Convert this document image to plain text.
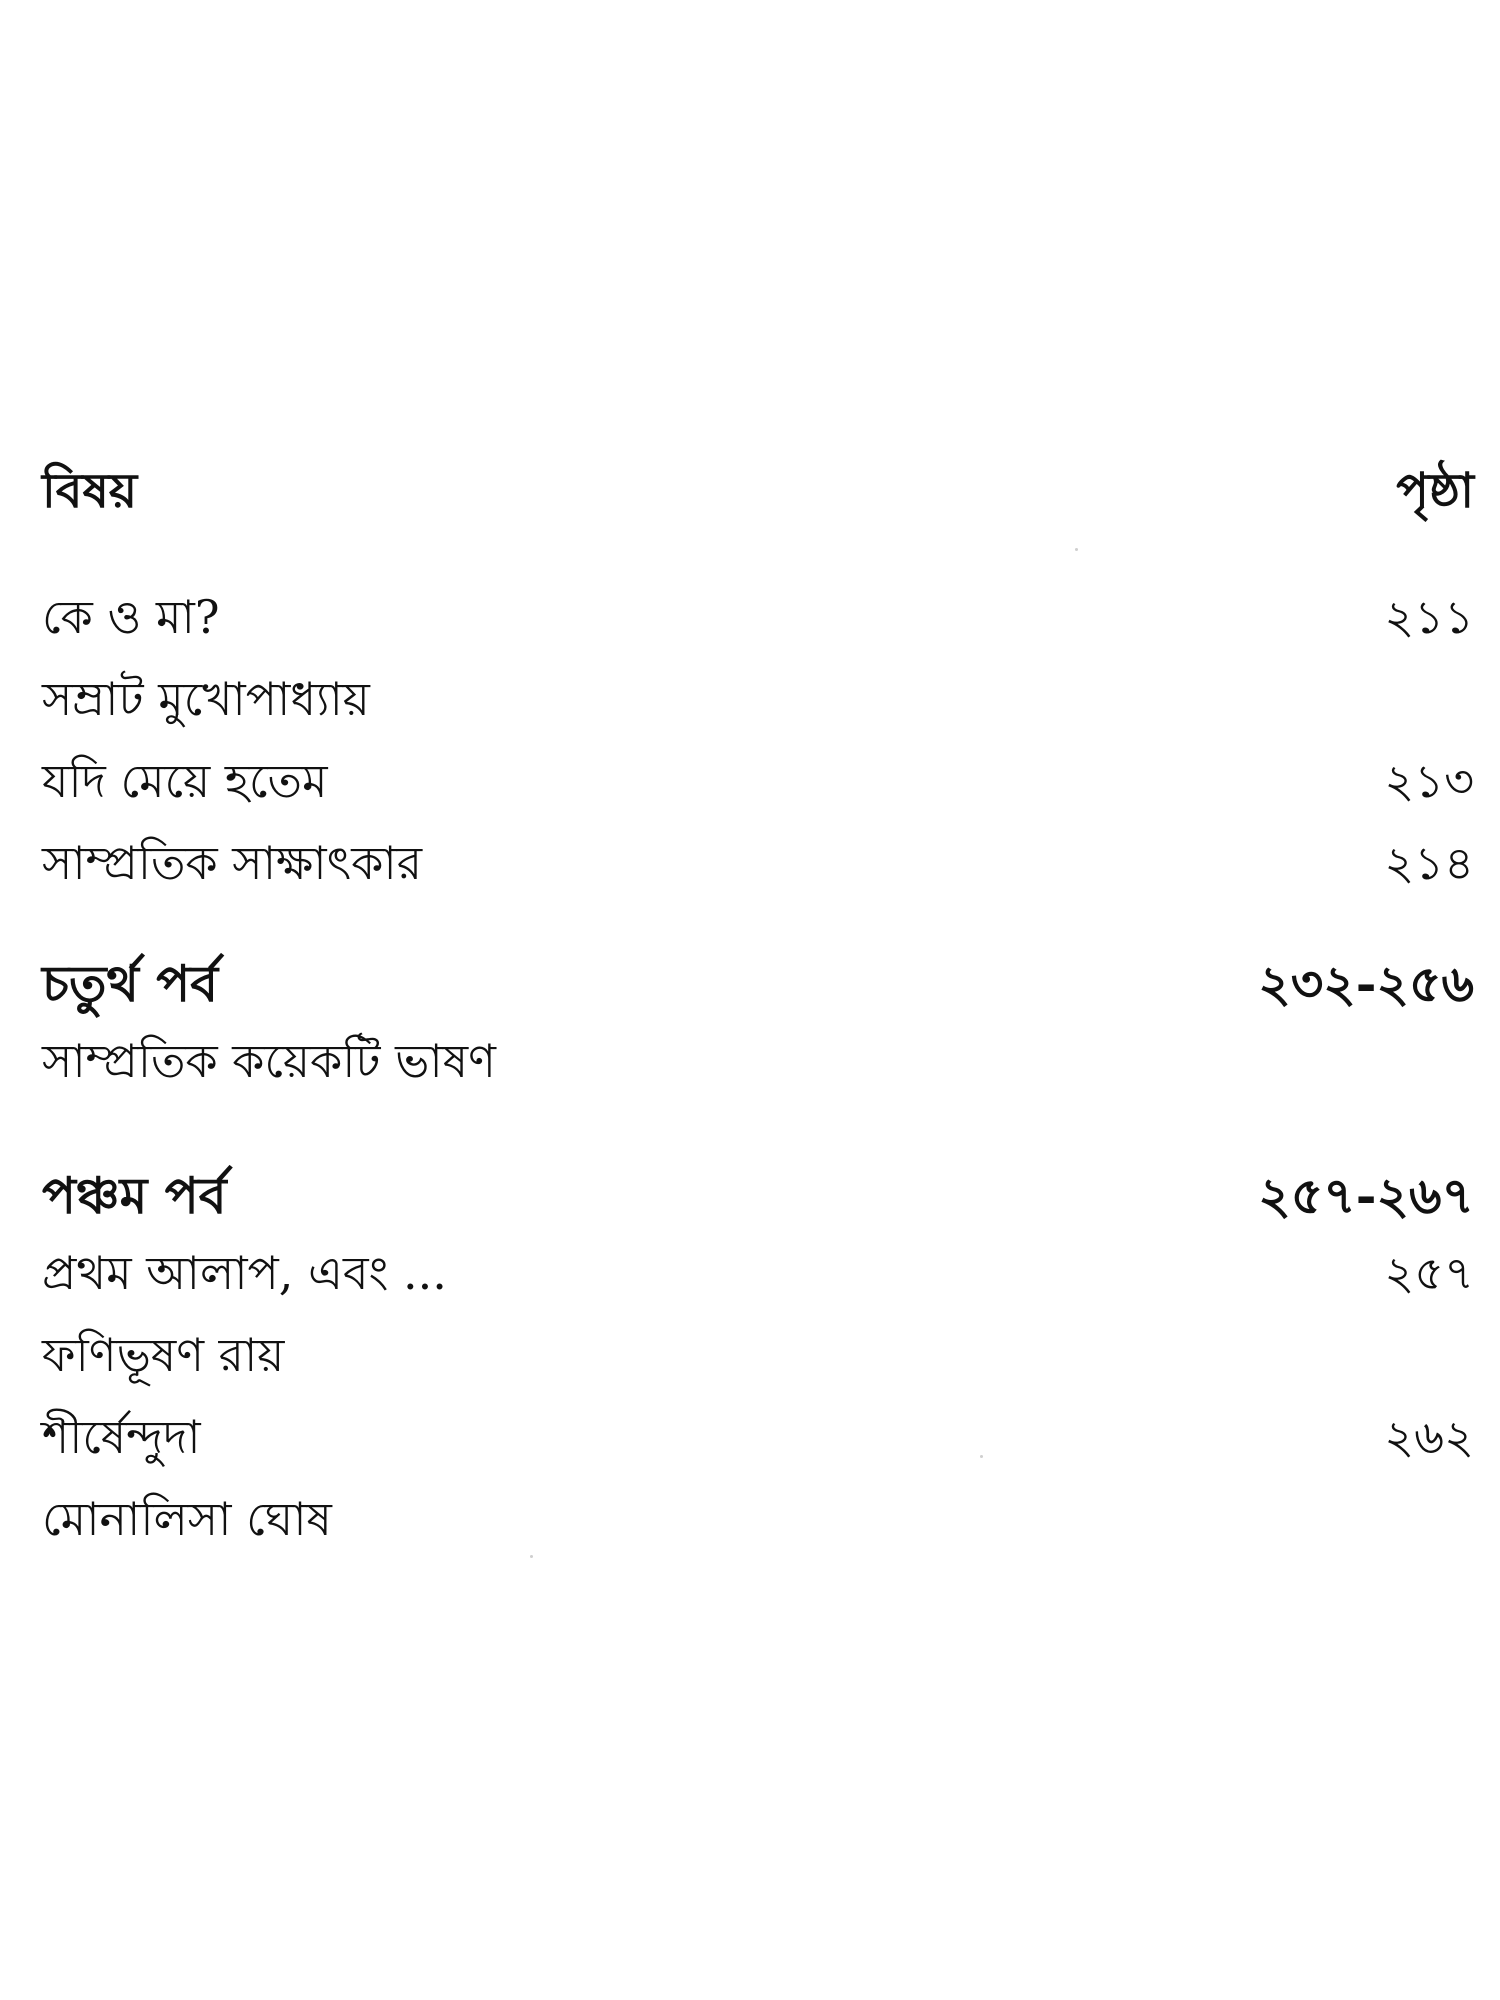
বিষয়	পৃষ্ঠা
কে ও মা?	২১১
সম্রাট মুখোপাধ্যায়
যদি মেয়ে হতেম	২১৩
সাম্প্রতিক সাক্ষাৎকার	২১৪
চতুর্থ পর্ব	২৩২-২৫৬
সাম্প্রতিক কয়েকটি ভাষণ
পঞ্চম পর্ব	২৫৭-২৬৭
প্রথম আলাপ, এবং ...	২৫৭
ফণিভূষণ রায়
শীর্ষেন্দুদা	২৬২
মোনালিসা ঘোষ
